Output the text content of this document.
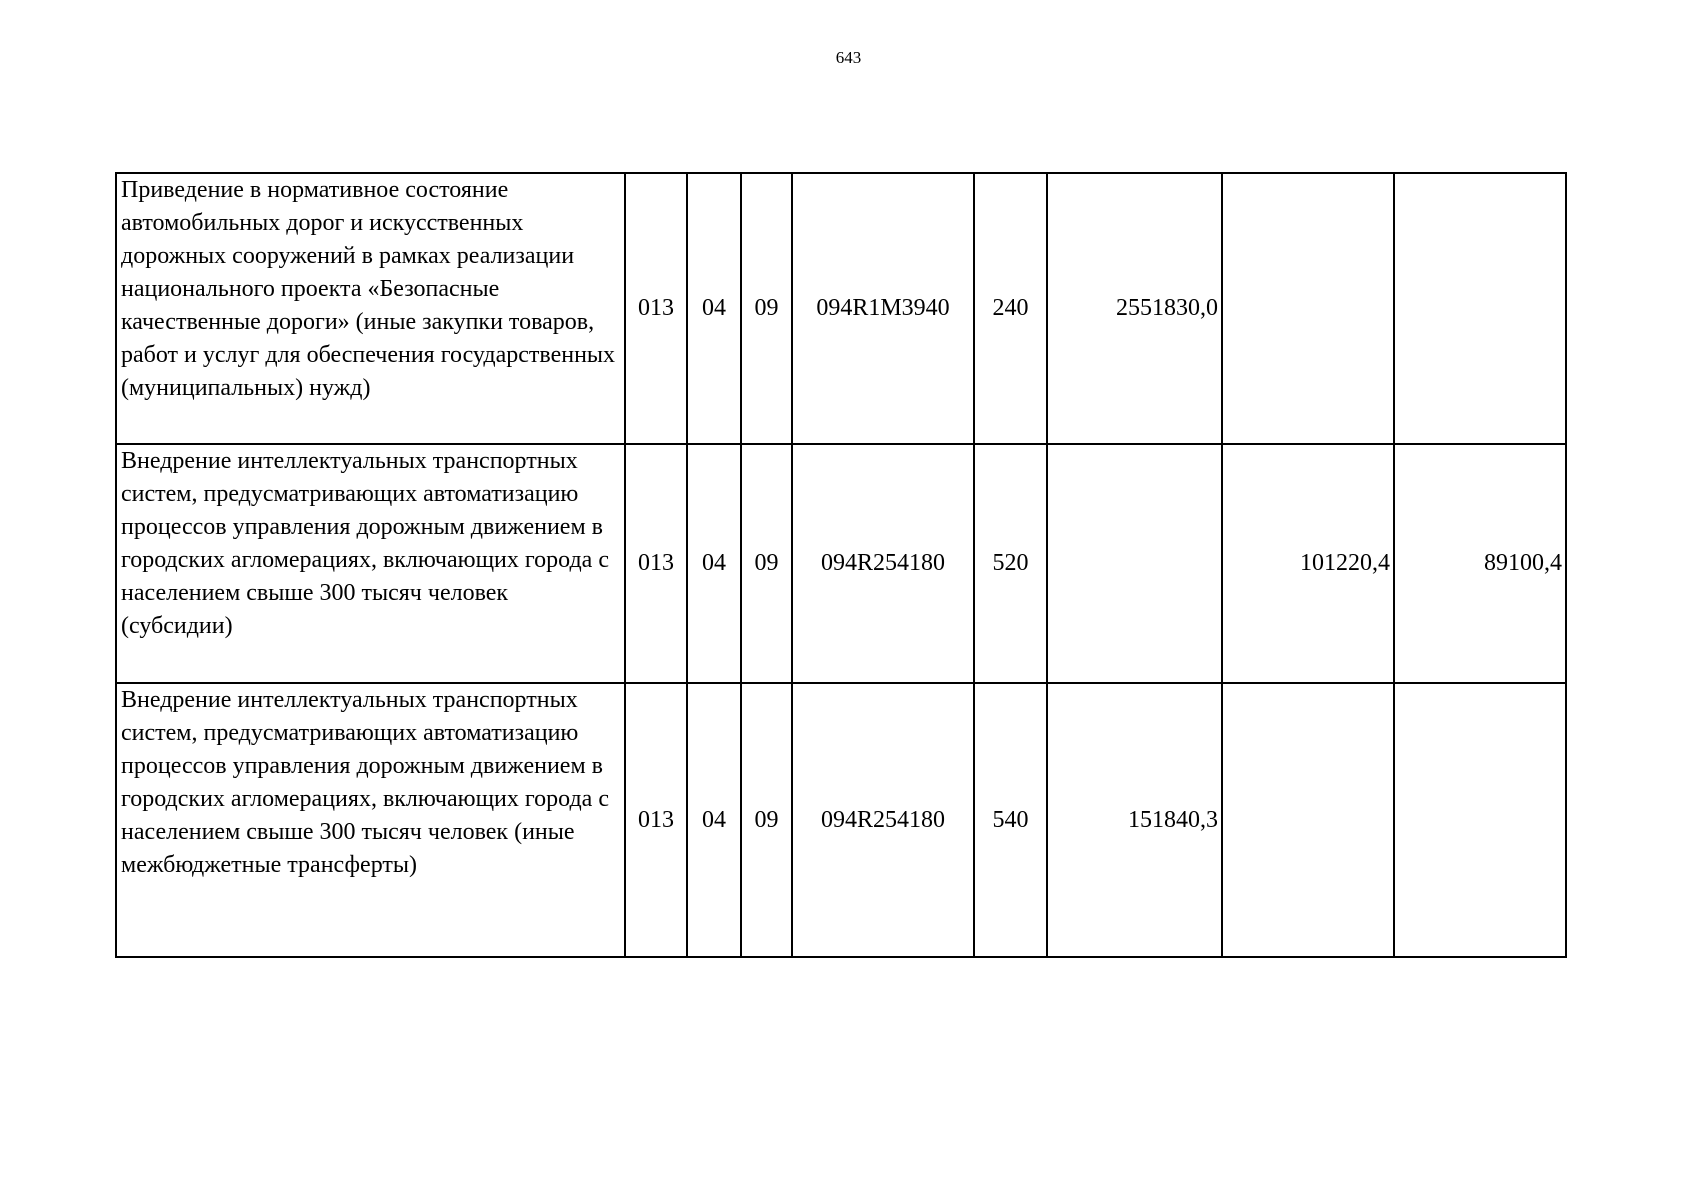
643
Приведение в нормативное состояние автомобильных дорог и искусственных дорожных сооружений в рамках реализации национального проекта «Безопасные качественные дороги» (иные закупки товаров, работ и услуг для обеспечения государственных (муниципальных) нужд)	013	04	09	094R1M3940	240	2551830,0		
Внедрение интеллектуальных транспортных систем, предусматривающих автоматизацию процессов управления дорожным движением в городских агломерациях, включающих города с населением свыше 300 тысяч человек (субсидии)	013	04	09	094R254180	520		101220,4	89100,4
Внедрение интеллектуальных транспортных систем, предусматривающих автоматизацию процессов управления дорожным движением в городских агломерациях, включающих города с населением свыше 300 тысяч человек (иные межбюджетные трансферты)	013	04	09	094R254180	540	151840,3		
